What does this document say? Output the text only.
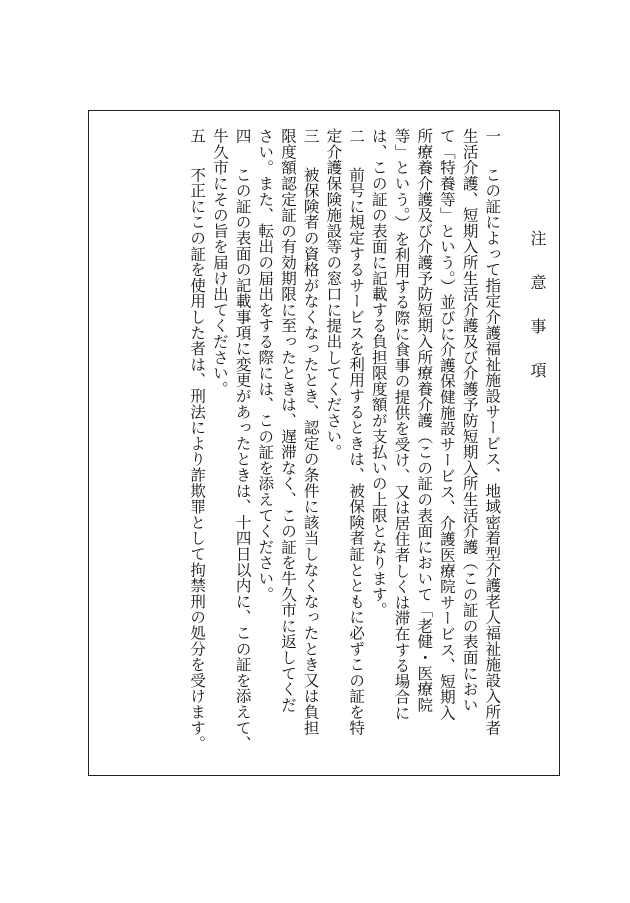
注　意　事　項
一　この証によって指定介護福祉施設サービス、地域密着型介護老人福祉施設入所者
生活介護、短期入所生活介護及び介護予防短期入所生活介護（この証の表面におい
て「特養等」という。）並びに介護保健施設サービス、介護医療院サービス、短期入
所療養介護及び介護予防短期入所療養介護（この証の表面において「老健・医療院
等」という。）を利用する際に食事の提供を受け、又は居住者しくは滞在する場合に
は、この証の表面に記載する負担限度額が支払いの上限となります。
二　前号に規定するサービスを利用するときは、被保険者証とともに必ずこの証を特
定介護保険施設等の窓口に提出してください。
三　被保険者の資格がなくなったとき、認定の条件に該当しなくなったとき又は負担
限度額認定証の有効期限に至ったときは、遅滞なく、この証を牛久市に返してくだ
さい。また、転出の届出をする際には、この証を添えてください。
四　この証の表面の記載事項に変更があったときは、十四日以内に、この証を添えて、
牛久市にその旨を届け出てください。
五　不正にこの証を使用した者は、刑法により詐欺罪として拘禁刑の処分を受けます。
